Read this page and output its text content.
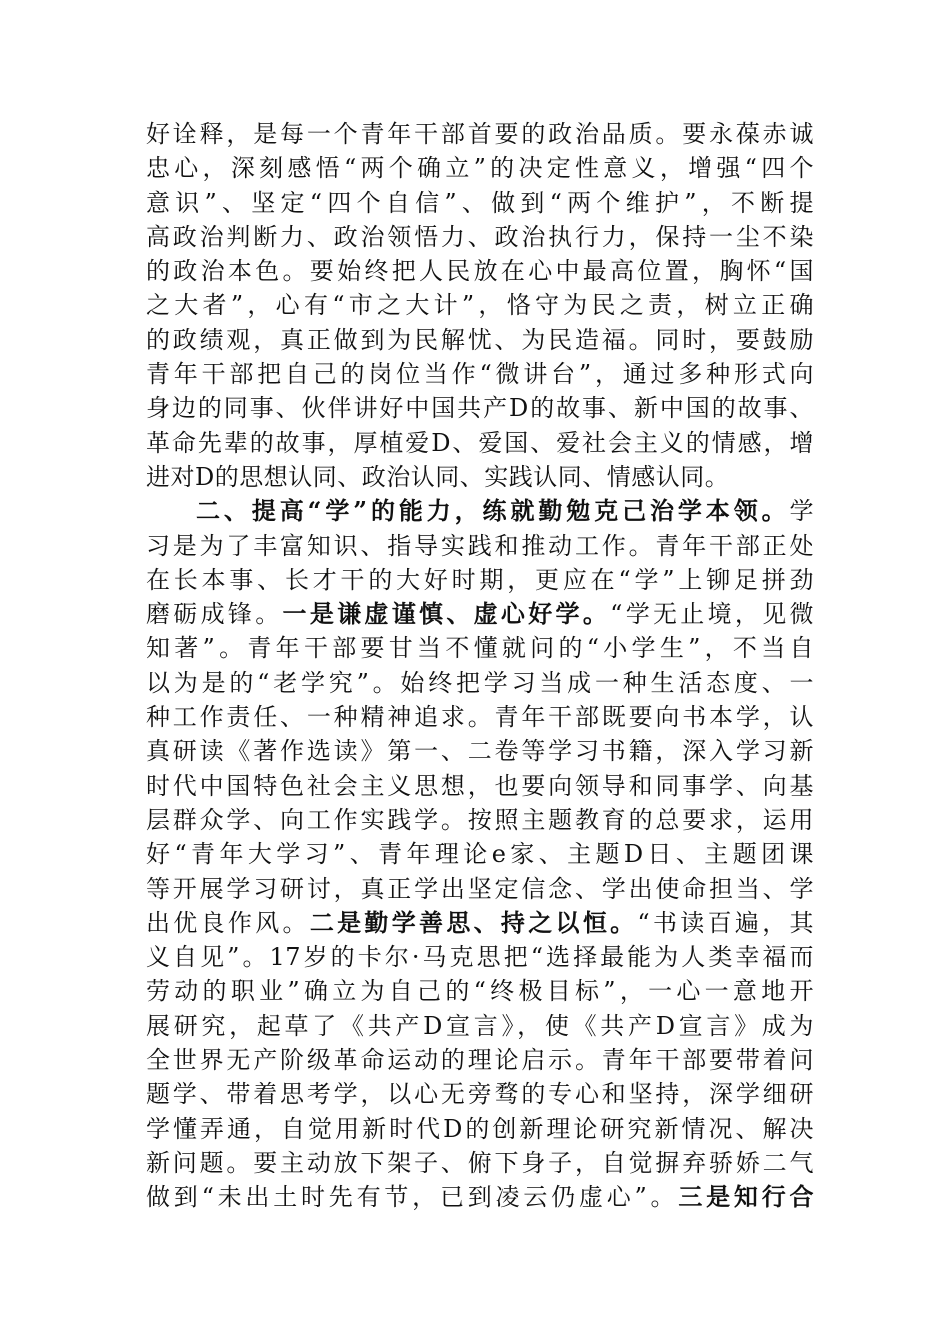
好诠释，是每一个青年干部首要的政治品质。要永葆赤诚
忠心，深刻感悟“两个确立”的决定性意义，增强“四个
意识”、坚定“四个自信”、做到“两个维护”，不断提
高政治判断力、政治领悟力、政治执行力，保持一尘不染
的政治本色。要始终把人民放在心中最高位置，胸怀“国
之大者”，心有“市之大计”，恪守为民之责，树立正确
的政绩观，真正做到为民解忧、为民造福。同时，要鼓励
青年干部把自己的岗位当作“微讲台”，通过多种形式向
身边的同事、伙伴讲好中国共产D的故事、新中国的故事、
革命先辈的故事，厚植爱D、爱国、爱社会主义的情感，增
进对D的思想认同、政治认同、实践认同、情感认同。
二、提高“学”的能力，练就勤勉克己治学本领。学
习是为了丰富知识、指导实践和推动工作。青年干部正处
在长本事、长才干的大好时期，更应在“学”上铆足拼劲
磨砺成锋。一是谦虚谨慎、虚心好学。“学无止境，见微
知著”。青年干部要甘当不懂就问的“小学生”，不当自
以为是的“老学究”。始终把学习当成一种生活态度、一
种工作责任、一种精神追求。青年干部既要向书本学，认
真研读《著作选读》第一、二卷等学习书籍，深入学习新
时代中国特色社会主义思想，也要向领导和同事学、向基
层群众学、向工作实践学。按照主题教育的总要求，运用
好“青年大学习”、青年理论e家、主题D日、主题团课
等开展学习研讨，真正学出坚定信念、学出使命担当、学
出优良作风。二是勤学善思、持之以恒。“书读百遍，其
义自见”。17岁的卡尔·马克思把“选择最能为人类幸福而
劳动的职业”确立为自己的“终极目标”，一心一意地开
展研究，起草了《共产D宣言》，使《共产D宣言》成为
全世界无产阶级革命运动的理论启示。青年干部要带着问
题学、带着思考学，以心无旁骛的专心和坚持，深学细研
学懂弄通，自觉用新时代D的创新理论研究新情况、解决
新问题。要主动放下架子、俯下身子，自觉摒弃骄娇二气
做到“未出土时先有节，已到凌云仍虚心”。三是知行合
